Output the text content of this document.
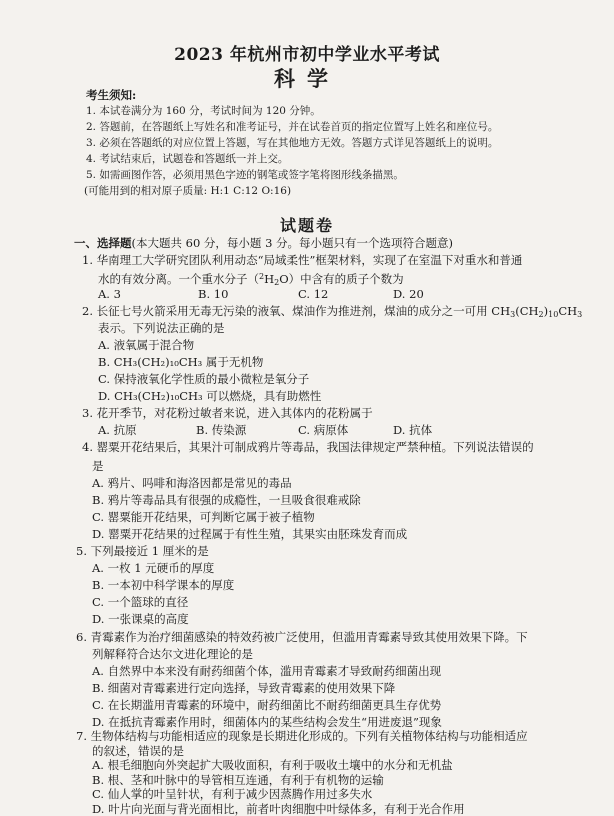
2023 年杭州市初中学业水平考试
科学
考生须知:
1. 本试卷满分为 160 分，考试时间为 120 分钟。
2. 答题前，在答题纸上写姓名和准考证号，并在试卷首页的指定位置写上姓名和座位号。
3. 必须在答题纸的对应位置上答题，写在其他地方无效。答题方式详见答题纸上的说明。
4. 考试结束后，试题卷和答题纸一并上交。
5. 如需画图作答，必须用黑色字迹的钢笔或签字笔将图形线条描黑。
(可能用到的相对原子质量: H:1 C:12 O:16)
试题卷
一、选择题(本大题共 60 分，每小题 3 分。每小题只有一个选项符合题意)
1. 华南理工大学研究团队利用动态“局域柔性”框架材料，实现了在室温下对重水和普通
水的有效分离。一个重水分子$(^2H_2O)$中含有的质子个数为
A. 3	B. 10	C. 12	D. 20
2. 长征七号火箭采用无毒无污染的液氧、煤油作为推进剂，煤油的成分之一可用 $CH_3(CH_2)_{10}CH_3$
表示。下列说法正确的是
A. 液氧属于混合物
B. CH₃(CH₂)₁₀CH₃ 属于无机物
C. 保持液氧化学性质的最小微粒是氧分子
D. CH₃(CH₂)₁₀CH₃ 可以燃烧，具有助燃性
3. 花开季节，对花粉过敏者来说，进入其体内的花粉属于
A. 抗原	B. 传染源	C. 病原体	D. 抗体
4. 罂粟开花结果后，其果汁可制成鸦片等毒品，我国法律规定严禁种植。下列说法错误的
是
A. 鸦片、吗啡和海洛因都是常见的毒品
B. 鸦片等毒品具有很强的成瘾性，一旦吸食很难戒除
C. 罂粟能开花结果，可判断它属于被子植物
D. 罂粟开花结果的过程属于有性生殖，其果实由胚珠发育而成
5. 下列最接近 1 厘米的是
A. 一枚 1 元硬币的厚度
B. 一本初中科学课本的厚度
C. 一个篮球的直径
D. 一张课桌的高度
6. 青霉素作为治疗细菌感染的特效药被广泛使用，但滥用青霉素导致其使用效果下降。下
列解释符合达尔文进化理论的是
A. 自然界中本来没有耐药细菌个体，滥用青霉素才导致耐药细菌出现
B. 细菌对青霉素进行定向选择，导致青霉素的使用效果下降
C. 在长期滥用青霉素的环境中，耐药细菌比不耐药细菌更具生存优势
D. 在抵抗青霉素作用时，细菌体内的某些结构会发生“用进废退”现象
7. 生物体结构与功能相适应的现象是长期进化形成的。下列有关植物体结构与功能相适应
的叙述，错误的是
A. 根毛细胞向外突起扩大吸收面积，有利于吸收土壤中的水分和无机盐
B. 根、茎和叶脉中的导管相互连通，有利于有机物的运输
C. 仙人掌的叶呈针状，有利于减少因蒸腾作用过多失水
D. 叶片向光面与背光面相比，前者叶肉细胞中叶绿体多，有利于光合作用
